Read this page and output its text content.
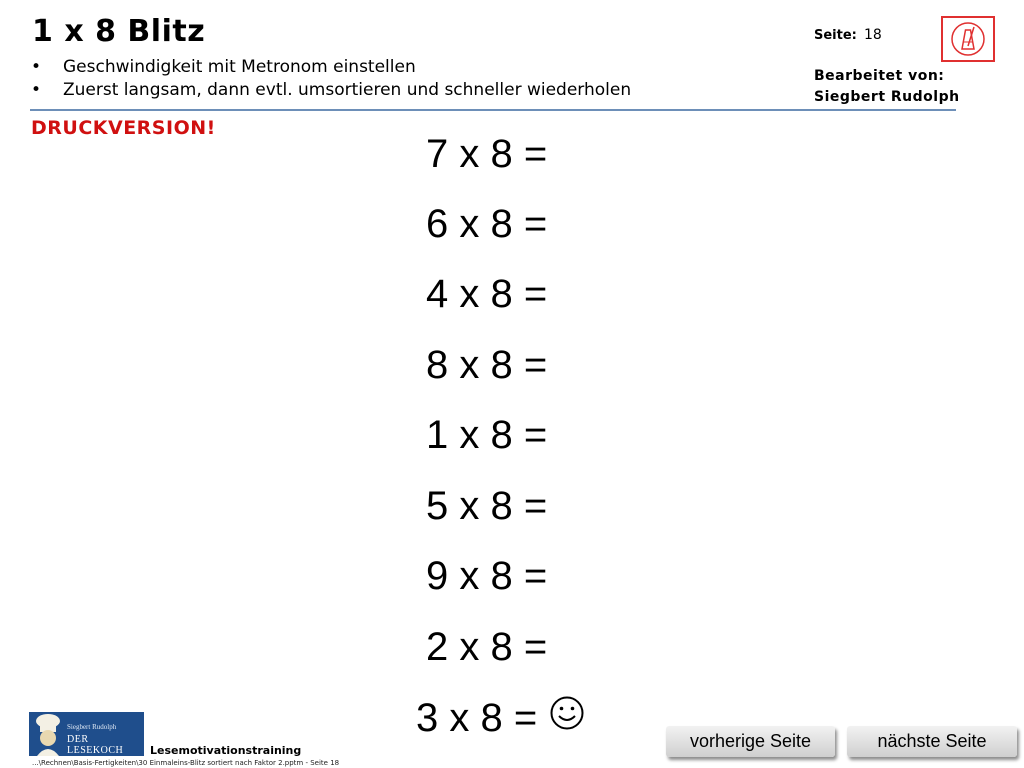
1 x 8 Blitz
• Geschwindigkeit mit Metronom einstellen
• Zuerst langsam, dann evtl. umsortieren und schneller wiederholen
Seite: 18
Bearbeitet von:
Siegbert Rudolph
DRUCKVERSION!
7 x 8 =
6 x 8 =
4 x 8 =
8 x 8 =
1 x 8 =
5 x 8 =
9 x 8 =
2 x 8 =
3 x 8 =
Siegbert Rudolph
DER LESEKOCH	Lesemotivationstraining
...\Rechnen\Basis-Fertigkeiten\30 Einmaleins-Blitz sortiert nach Faktor 2.pptm - Seite 18
vorherige Seite	nächste Seite
